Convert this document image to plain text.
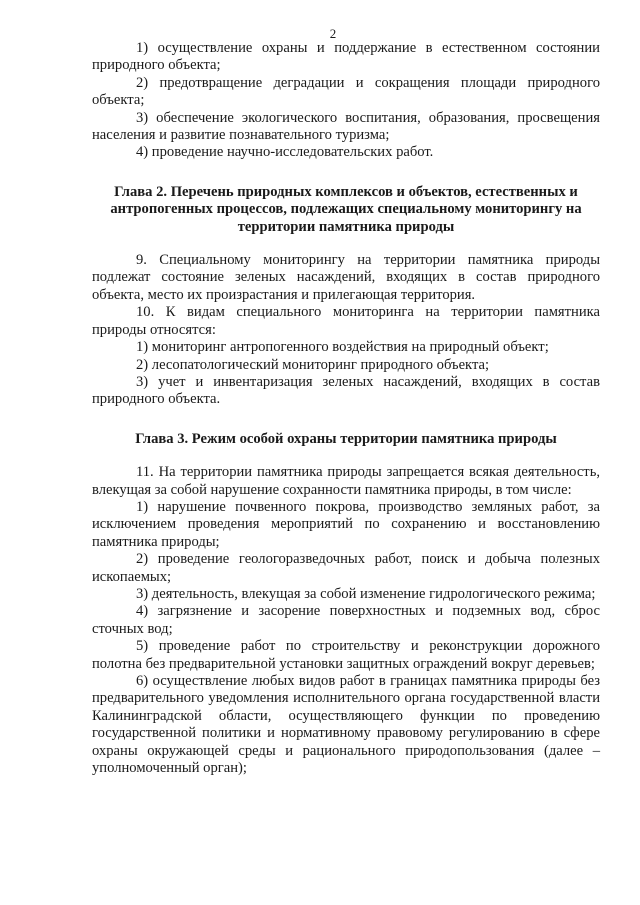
2

1) осуществление охраны и поддержание в естественном состоянии природного объекта;

2) предотвращение деградации и сокращения площади природного объекта;

3) обеспечение экологического воспитания, образования, просвещения населения и развитие познавательного туризма;

4) проведение научно-исследовательских работ.

Глава 2. Перечень природных комплексов и объектов, естественных и антропогенных процессов, подлежащих специальному мониторингу на территории памятника природы

9. Специальному мониторингу на территории памятника природы подлежат состояние зеленых насаждений, входящих в состав природного объекта, место их произрастания и прилегающая территория.

10. К видам специального мониторинга на территории памятника природы относятся:

1) мониторинг антропогенного воздействия на природный объект;

2) лесопатологический мониторинг природного объекта;

3) учет и инвентаризация зеленых насаждений, входящих в состав природного объекта.

Глава 3. Режим особой охраны территории памятника природы

11. На территории памятника природы запрещается всякая деятельность, влекущая за собой нарушение сохранности памятника природы, в том числе:

1) нарушение почвенного покрова, производство земляных работ, за исключением проведения мероприятий по сохранению и восстановлению памятника природы;

2) проведение геологоразведочных работ, поиск и добыча полезных ископаемых;

3) деятельность, влекущая за собой изменение гидрологического режима;

4) загрязнение и засорение поверхностных и подземных вод, сброс сточных вод;

5) проведение работ по строительству и реконструкции дорожного полотна без предварительной установки защитных ограждений вокруг деревьев;

6) осуществление любых видов работ в границах памятника природы без предварительного уведомления исполнительного органа государственной власти Калининградской области, осуществляющего функции по проведению государственной политики и нормативному правовому регулированию в сфере охраны окружающей среды и рационального природопользования (далее – уполномоченный орган);
